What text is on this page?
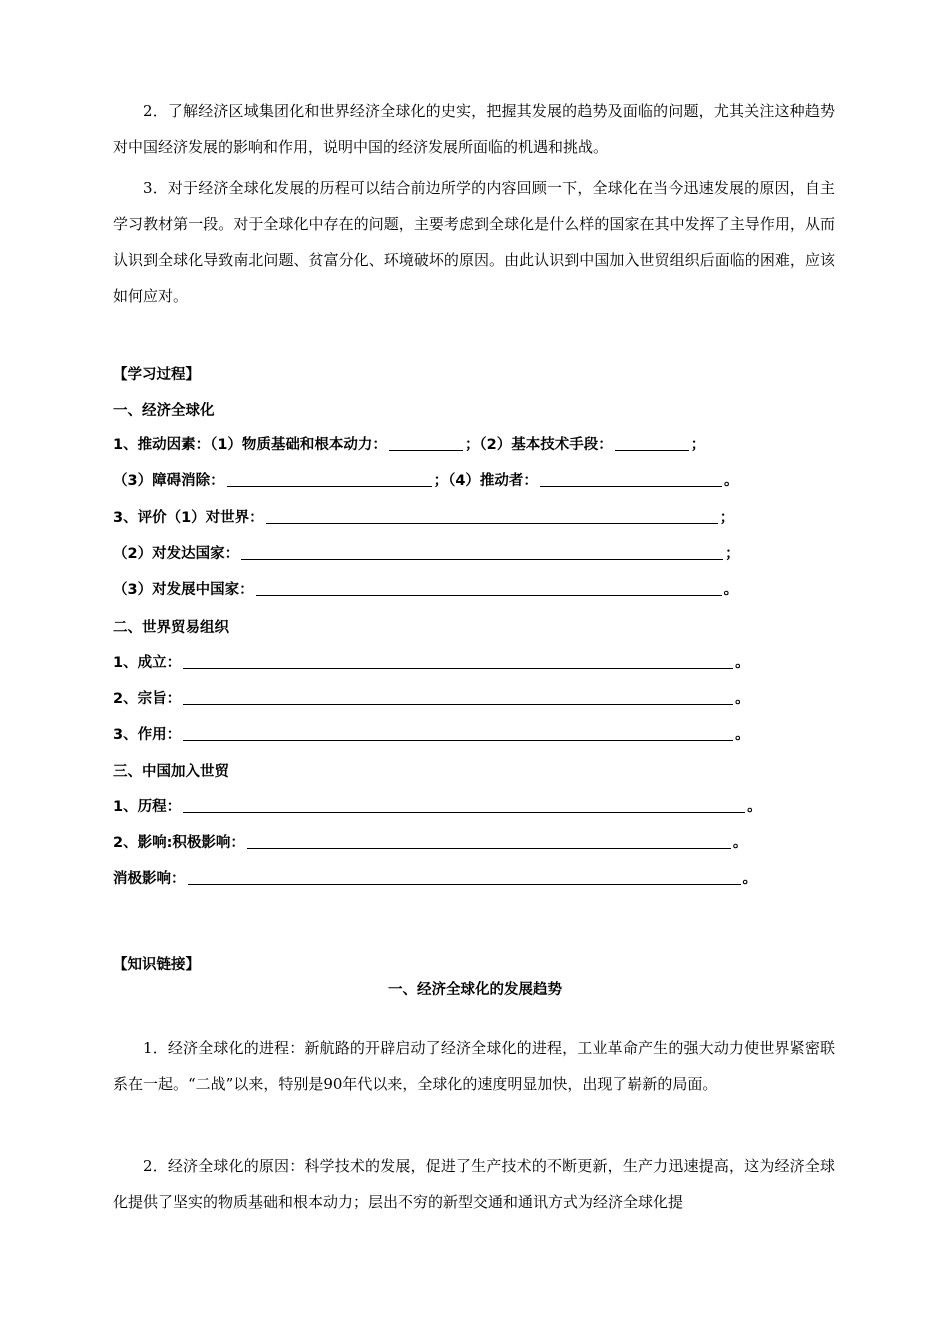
2．了解经济区域集团化和世界经济全球化的史实，把握其发展的趋势及面临的问题，尤其关注这种趋势对中国经济发展的影响和作用，说明中国的经济发展所面临的机遇和挑战。

3．对于经济全球化发展的历程可以结合前边所学的内容回顾一下，全球化在当今迅速发展的原因，自主学习教材第一段。对于全球化中存在的问题，主要考虑到全球化是什么样的国家在其中发挥了主导作用，从而认识到全球化导致南北问题、贫富分化、环境破坏的原因。由此认识到中国加入世贸组织后面临的困难，应该如何应对。

【学习过程】

一、经济全球化

1、推动因素：（1）物质基础和根本动力：	；（2）基本技术手段：	；
（3）障碍消除：	；（4）推动者：	。
3、评价（1）对世界：	；
（2）对发达国家：	；
（3）对发展中国家：	。

二、世界贸易组织

1、成立：	。
2、宗旨：	。
3、作用：	。

三、中国加入世贸

1、历程：	。
2、影响:积极影响：	。
消极影响：	。

【知识链接】

一、经济全球化的发展趋势

1．经济全球化的进程：新航路的开辟启动了经济全球化的进程，工业革命产生的强大动力使世界紧密联系在一起。“二战”以来，特别是90年代以来，全球化的速度明显加快，出现了崭新的局面。

2．经济全球化的原因：科学技术的发展，促进了生产技术的不断更新，生产力迅速提高，这为经济全球化提供了坚实的物质基础和根本动力；层出不穷的新型交通和通讯方式为经济全球化提
